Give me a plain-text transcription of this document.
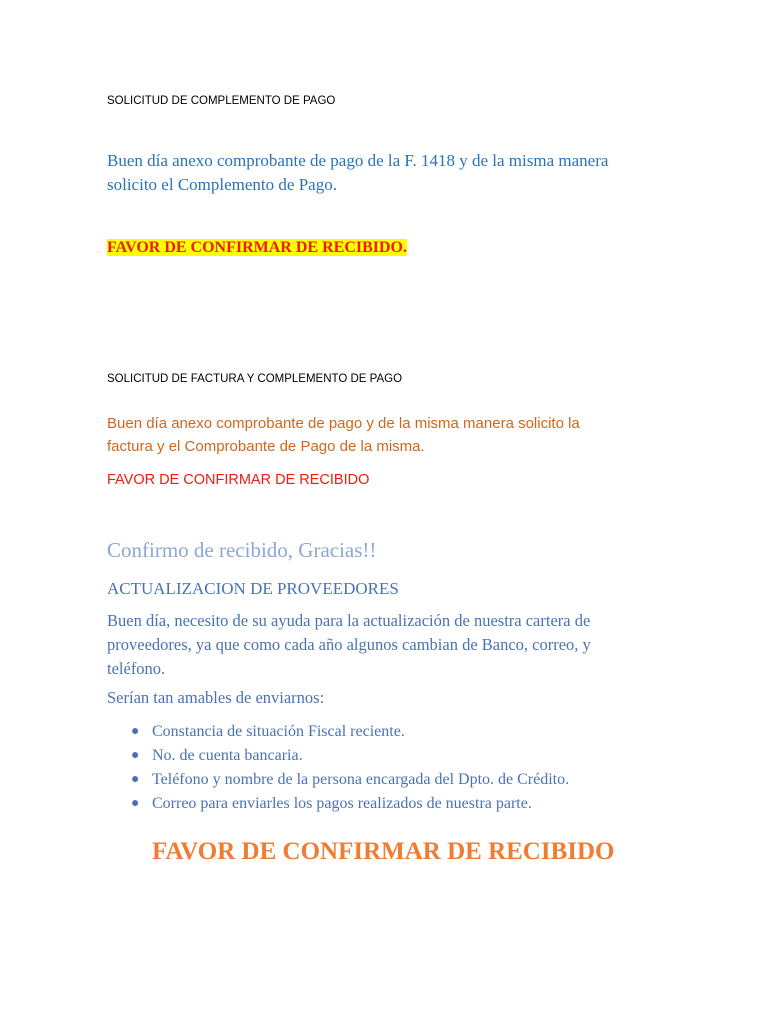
SOLICITUD DE COMPLEMENTO DE PAGO

Buen día anexo comprobante de pago de la F. 1418 y de la misma manera
solicito el Complemento de Pago.

FAVOR DE CONFIRMAR DE RECIBIDO.

SOLICITUD DE FACTURA Y COMPLEMENTO DE PAGO

Buen día anexo comprobante de pago y de la misma manera solicito la
factura y el Comprobante de Pago de la misma.

FAVOR DE CONFIRMAR DE RECIBIDO

Confirmo de recibido, Gracias!!

ACTUALIZACION DE PROVEEDORES

Buen día, necesito de su ayuda para la actualización de nuestra cartera de
proveedores, ya que como cada año algunos cambian de Banco, correo, y
teléfono.

Serían tan amables de enviarnos:

● Constancia de situación Fiscal reciente.
● No. de cuenta bancaria.
● Teléfono y nombre de la persona encargada del Dpto. de Crédito.
● Correo para enviarles los pagos realizados de nuestra parte.

FAVOR DE CONFIRMAR DE RECIBIDO
